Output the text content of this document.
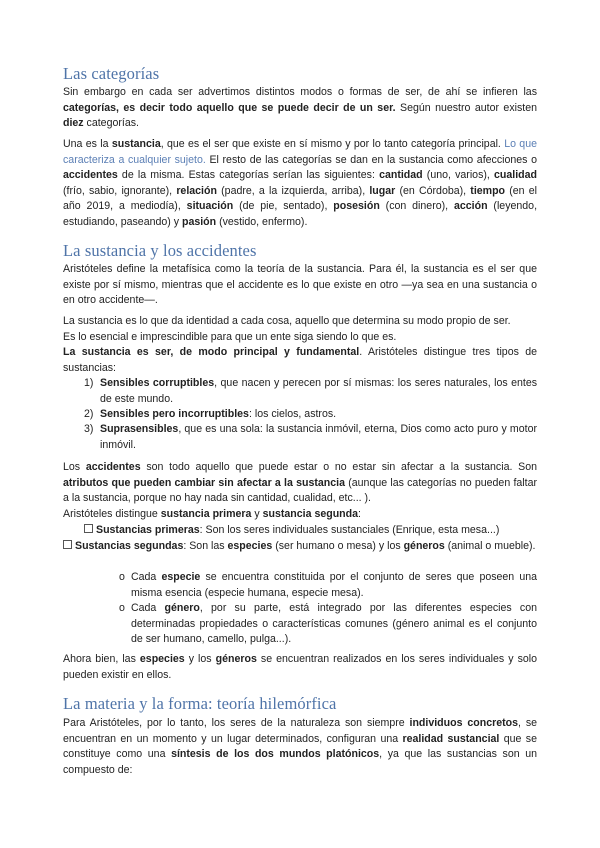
Las categorías
Sin embargo en cada ser advertimos distintos modos o formas de ser, de ahí se infieren las categorías, es decir todo aquello que se puede decir de un ser. Según nuestro autor existen diez categorías.
Una es la sustancia, que es el ser que existe en sí mismo y por lo tanto categoría principal. Lo que caracteriza a cualquier sujeto. El resto de las categorías se dan en la sustancia como afecciones o accidentes de la misma. Estas categorías serían las siguientes: cantidad (uno, varios), cualidad (frío, sabio, ignorante), relación (padre, a la izquierda, arriba), lugar (en Córdoba), tiempo (en el año 2019, a mediodía), situación (de pie, sentado), posesión (con dinero), acción (leyendo, estudiando, paseando) y pasión (vestido, enfermo).
La sustancia y los accidentes
Aristóteles define la metafísica como la teoría de la sustancia. Para él, la sustancia es el ser que existe por sí mismo, mientras que el accidente es lo que existe en otro —ya sea en una sustancia o en otro accidente—.
La sustancia es lo que da identidad a cada cosa, aquello que determina su modo propio de ser.
Es lo esencial e imprescindible para que un ente siga siendo lo que es.
La sustancia es ser, de modo principal y fundamental. Aristóteles distingue tres tipos de sustancias:
1) Sensibles corruptibles, que nacen y perecen por sí mismas: los seres naturales, los entes de este mundo.
2) Sensibles pero incorruptibles: los cielos, astros.
3) Suprasensibles, que es una sola: la sustancia inmóvil, eterna, Dios como acto puro y motor inmóvil.
Los accidentes son todo aquello que puede estar o no estar sin afectar a la sustancia. Son atributos que pueden cambiar sin afectar a la sustancia (aunque las categorías no pueden faltar a la sustancia, porque no hay nada sin cantidad, cualidad, etc... ).
Aristóteles distingue sustancia primera y sustancia segunda:
Sustancias primeras: Son los seres individuales sustanciales (Enrique, esta mesa...)
Sustancias segundas: Son las especies (ser humano o mesa) y los géneros (animal o mueble).
o Cada especie se encuentra constituida por el conjunto de seres que poseen una misma esencia (especie humana, especie mesa).
o Cada género, por su parte, está integrado por las diferentes especies con determinadas propiedades o características comunes (género animal es el conjunto de ser humano, camello, pulga...).
Ahora bien, las especies y los géneros se encuentran realizados en los seres individuales y solo pueden existir en ellos.
La materia y la forma: teoría hilemórfica
Para Aristóteles, por lo tanto, los seres de la naturaleza son siempre individuos concretos, se encuentran en un momento y un lugar determinados, configuran una realidad sustancial que se constituye como una síntesis de los dos mundos platónicos, ya que las sustancias son un compuesto de:
